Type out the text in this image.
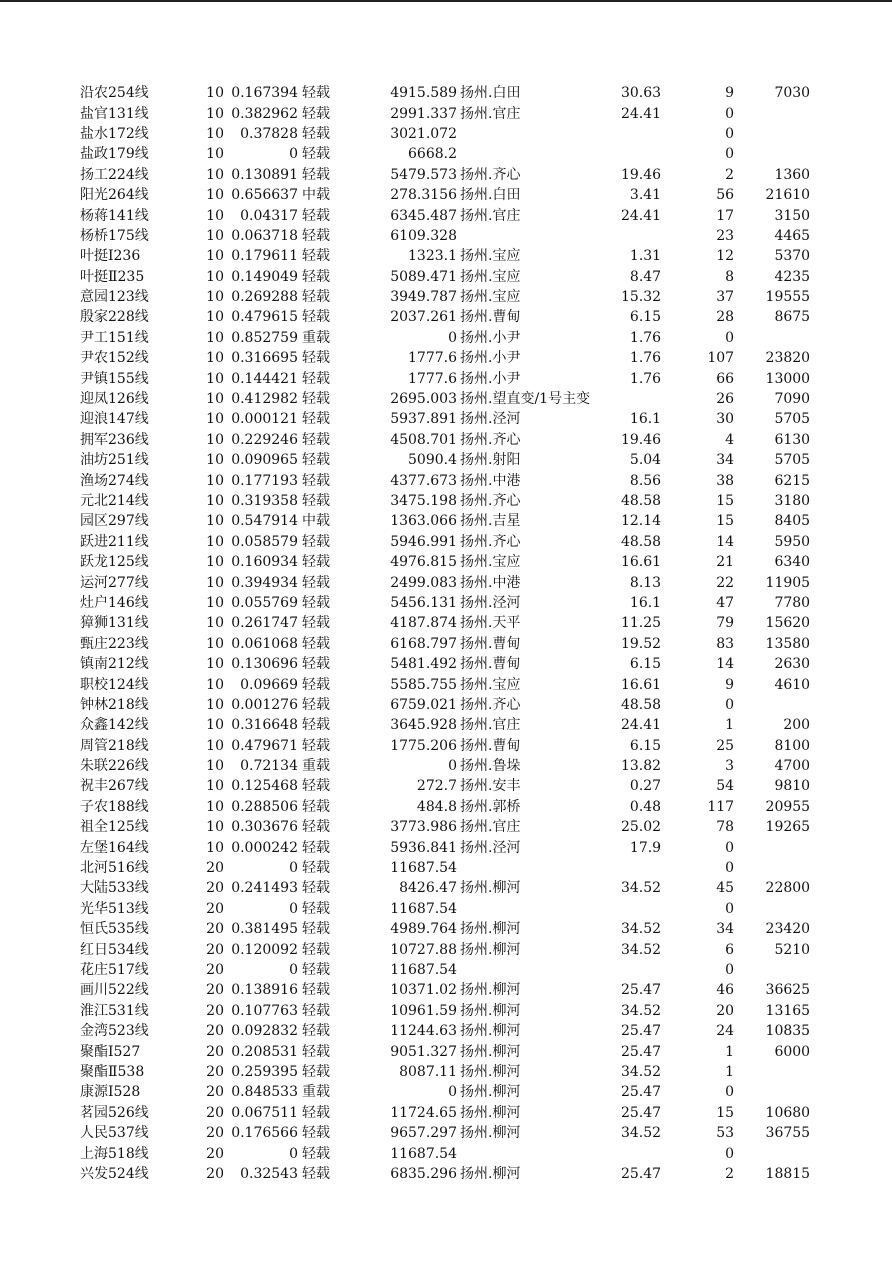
沿农254线	10	0.167394	轻载	4915.589	扬州.白田	30.63	9	7030
盐官131线	10	0.382962	轻载	2991.337	扬州.官庄	24.41	0	
盐水172线	10	0.37828	轻载	3021.072			0	
盐政179线	10	0	轻载	6668.2			0	
扬工224线	10	0.130891	轻载	5479.573	扬州.齐心	19.46	2	1360
阳光264线	10	0.656637	中载	278.3156	扬州.白田	3.41	56	21610
杨蒋141线	10	0.04317	轻载	6345.487	扬州.官庄	24.41	17	3150
杨桥175线	10	0.063718	轻载	6109.328			23	4465
叶挺Ⅰ236	10	0.179611	轻载	1323.1	扬州.宝应	1.31	12	5370
叶挺Ⅱ235	10	0.149049	轻载	5089.471	扬州.宝应	8.47	8	4235
意园123线	10	0.269288	轻载	3949.787	扬州.宝应	15.32	37	19555
殷家228线	10	0.479615	轻载	2037.261	扬州.曹甸	6.15	28	8675
尹工151线	10	0.852759	重载	0	扬州.小尹	1.76	0	
尹农152线	10	0.316695	轻载	1777.6	扬州.小尹	1.76	107	23820
尹镇155线	10	0.144421	轻载	1777.6	扬州.小尹	1.76	66	13000
迎凤126线	10	0.412982	轻载	2695.003	扬州.望直变/1号主变		26	7090
迎浪147线	10	0.000121	轻载	5937.891	扬州.泾河	16.1	30	5705
拥军236线	10	0.229246	轻载	4508.701	扬州.齐心	19.46	4	6130
油坊251线	10	0.090965	轻载	5090.4	扬州.射阳	5.04	34	5705
渔场274线	10	0.177193	轻载	4377.673	扬州.中港	8.56	38	6215
元北214线	10	0.319358	轻载	3475.198	扬州.齐心	48.58	15	3180
园区297线	10	0.547914	中载	1363.066	扬州.吉星	12.14	15	8405
跃进211线	10	0.058579	轻载	5946.991	扬州.齐心	48.58	14	5950
跃龙125线	10	0.160934	轻载	4976.815	扬州.宝应	16.61	21	6340
运河277线	10	0.394934	轻载	2499.083	扬州.中港	8.13	22	11905
灶户146线	10	0.055769	轻载	5456.131	扬州.泾河	16.1	47	7780
獐狮131线	10	0.261747	轻载	4187.874	扬州.天平	11.25	79	15620
甄庄223线	10	0.061068	轻载	6168.797	扬州.曹甸	19.52	83	13580
镇南212线	10	0.130696	轻载	5481.492	扬州.曹甸	6.15	14	2630
职校124线	10	0.09669	轻载	5585.755	扬州.宝应	16.61	9	4610
钟林218线	10	0.001276	轻载	6759.021	扬州.齐心	48.58	0	
众鑫142线	10	0.316648	轻载	3645.928	扬州.官庄	24.41	1	200
周管218线	10	0.479671	轻载	1775.206	扬州.曹甸	6.15	25	8100
朱联226线	10	0.72134	重载	0	扬州.鲁垛	13.82	3	4700
祝丰267线	10	0.125468	轻载	272.7	扬州.安丰	0.27	54	9810
子农188线	10	0.288506	轻载	484.8	扬州.郭桥	0.48	117	20955
祖全125线	10	0.303676	轻载	3773.986	扬州.官庄	25.02	78	19265
左堡164线	10	0.000242	轻载	5936.841	扬州.泾河	17.9	0	
北河516线	20	0	轻载	11687.54			0	
大陆533线	20	0.241493	轻载	8426.47	扬州.柳河	34.52	45	22800
光华513线	20	0	轻载	11687.54			0	
恒氏535线	20	0.381495	轻载	4989.764	扬州.柳河	34.52	34	23420
红日534线	20	0.120092	轻载	10727.88	扬州.柳河	34.52	6	5210
花庄517线	20	0	轻载	11687.54			0	
画川522线	20	0.138916	轻载	10371.02	扬州.柳河	25.47	46	36625
淮江531线	20	0.107763	轻载	10961.59	扬州.柳河	34.52	20	13165
金湾523线	20	0.092832	轻载	11244.63	扬州.柳河	25.47	24	10835
聚酯Ⅰ527	20	0.208531	轻载	9051.327	扬州.柳河	25.47	1	6000
聚酯Ⅱ538	20	0.259395	轻载	8087.11	扬州.柳河	34.52	1	
康源Ⅰ528	20	0.848533	重载	0	扬州.柳河	25.47	0	
茗园526线	20	0.067511	轻载	11724.65	扬州.柳河	25.47	15	10680
人民537线	20	0.176566	轻载	9657.297	扬州.柳河	34.52	53	36755
上海518线	20	0	轻载	11687.54			0	
兴发524线	20	0.32543	轻载	6835.296	扬州.柳河	25.47	2	18815
